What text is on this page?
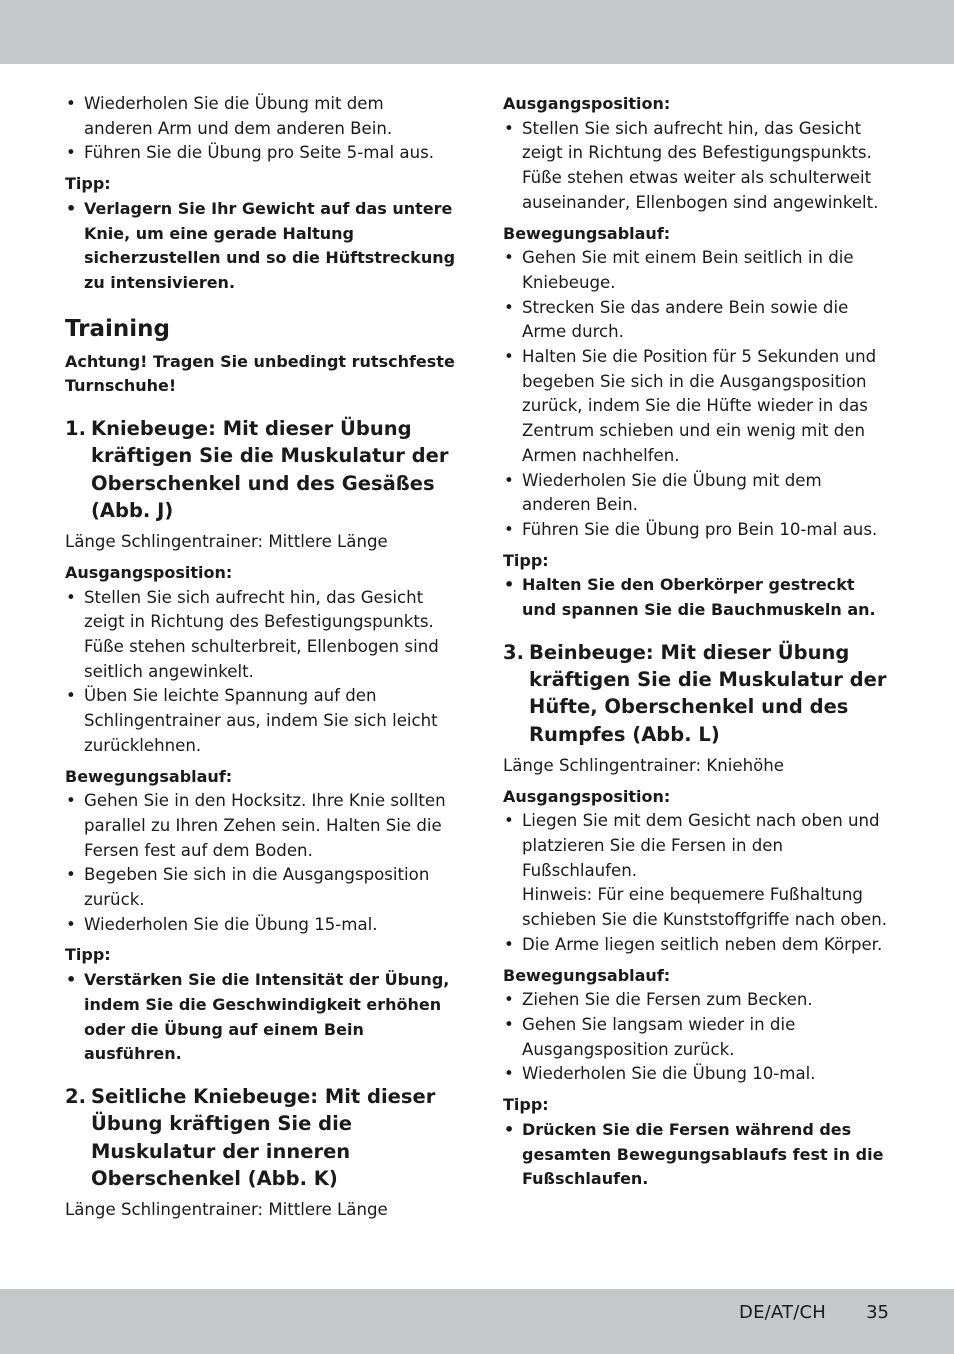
• Wiederholen Sie die Übung mit dem anderen Arm und dem anderen Bein.
• Führen Sie die Übung pro Seite 5-mal aus.
Tipp:
• Verlagern Sie Ihr Gewicht auf das untere Knie, um eine gerade Haltung sicherzustellen und so die Hüftstreckung zu intensivieren.
Training
Achtung! Tragen Sie unbedingt rutschfeste Turnschuhe!
1. Kniebeuge: Mit dieser Übung kräftigen Sie die Muskulatur der Oberschenkel und des Gesäßes (Abb. J)
Länge Schlingentrainer: Mittlere Länge
Ausgangsposition:
• Stellen Sie sich aufrecht hin, das Gesicht zeigt in Richtung des Befestigungspunkts. Füße stehen schulterbreit, Ellenbogen sind seitlich angewinkelt.
• Üben Sie leichte Spannung auf den Schlingentrainer aus, indem Sie sich leicht zurücklehnen.
Bewegungsablauf:
• Gehen Sie in den Hocksitz. Ihre Knie sollten parallel zu Ihren Zehen sein. Halten Sie die Fersen fest auf dem Boden.
• Begeben Sie sich in die Ausgangsposition zurück.
• Wiederholen Sie die Übung 15-mal.
Tipp:
• Verstärken Sie die Intensität der Übung, indem Sie die Geschwindigkeit erhöhen oder die Übung auf einem Bein ausführen.
2. Seitliche Kniebeuge: Mit dieser Übung kräftigen Sie die Muskulatur der inneren Oberschenkel (Abb. K)
Länge Schlingentrainer: Mittlere Länge
Ausgangsposition:
• Stellen Sie sich aufrecht hin, das Gesicht zeigt in Richtung des Befestigungspunkts. Füße stehen etwas weiter als schulterweit auseinander, Ellenbogen sind angewinkelt.
Bewegungsablauf:
• Gehen Sie mit einem Bein seitlich in die Kniebeuge.
• Strecken Sie das andere Bein sowie die Arme durch.
• Halten Sie die Position für 5 Sekunden und begeben Sie sich in die Ausgangsposition zurück, indem Sie die Hüfte wieder in das Zentrum schieben und ein wenig mit den Armen nachhelfen.
• Wiederholen Sie die Übung mit dem anderen Bein.
• Führen Sie die Übung pro Bein 10-mal aus.
Tipp:
• Halten Sie den Oberkörper gestreckt und spannen Sie die Bauchmuskeln an.
3. Beinbeuge: Mit dieser Übung kräftigen Sie die Muskulatur der Hüfte, Oberschenkel und des Rumpfes (Abb. L)
Länge Schlingentrainer: Kniehöhe
Ausgangsposition:
• Liegen Sie mit dem Gesicht nach oben und platzieren Sie die Fersen in den Fußschlaufen.
Hinweis: Für eine bequemere Fußhaltung schieben Sie die Kunststoffgriffe nach oben.
• Die Arme liegen seitlich neben dem Körper.
Bewegungsablauf:
• Ziehen Sie die Fersen zum Becken.
• Gehen Sie langsam wieder in die Ausgangsposition zurück.
• Wiederholen Sie die Übung 10-mal.
Tipp:
• Drücken Sie die Fersen während des gesamten Bewegungsablaufs fest in die Fußschlaufen.
DE/AT/CH 35
